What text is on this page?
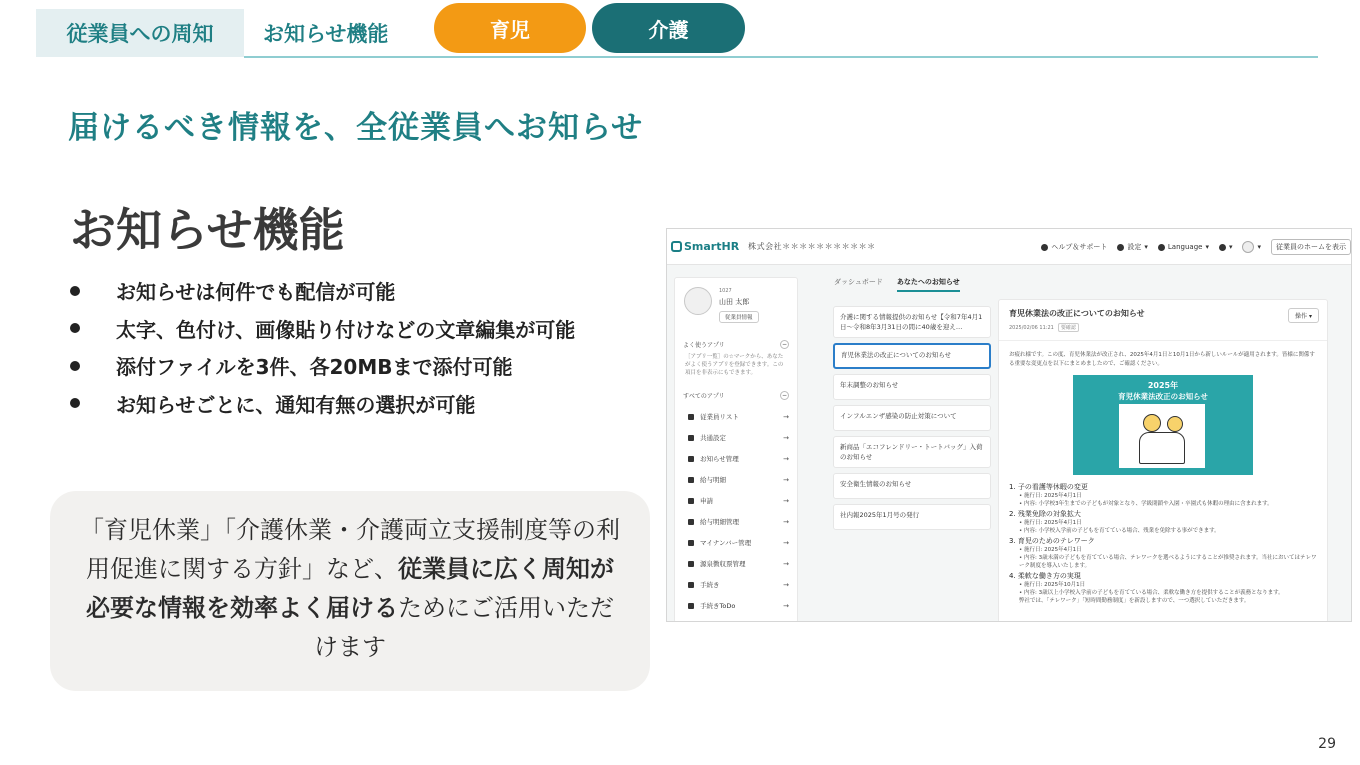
従業員への周知	お知らせ機能	育児	介護
届けるべき情報を、全従業員へお知らせ
お知らせ機能
お知らせは何件でも配信が可能
太字、色付け、画像貼り付けなどの文章編集が可能
添付ファイルを3件、各20MBまで添付可能
お知らせごとに、通知有無の選択が可能
「育児休業」「介護休業・介護両立支援制度等の利用促進に関する方針」など、従業員に広く周知が必要な情報を効率よく届けるためにご活用いただけます
29
SmartHR 株式会社＊＊＊＊＊＊＊＊＊＊＊	ヘルプ＆サポート	設定 ▾	Language ▾	▾	▾ 従業員のホームを表示
1027
山田 太郎
従業員情報
よく使うアプリ	−
［アプリ一覧］の☆マークから、あなたがよく使うアプリを登録できます。この項目を非表示にもできます。
すべてのアプリ	−
従業員リスト	→
共通設定	→
お知らせ管理	→
給与明細	→
申請	→
給与明細管理	→
マイナンバー管理	→
源泉徴収票管理	→
手続き	→
手続きToDo	→
ダッシュボード あなたへのお知らせ
介護に関する情報提供のお知らせ【令和7年4月1日〜令和8年3月31日の間に40歳を迎え…
育児休業法の改正についてのお知らせ
年末調整のお知らせ
インフルエンザ感染の防止対策について
新商品「エコフレンドリー・トートバッグ」入荷のお知らせ
安全衛生情報のお知らせ
社内報2025年1月号の発行
育児休業法の改正についてのお知らせ
2025/02/06 11:21	要確認
操作 ▾
お疲れ様です。この度、育児休業法が改正され、2025年4月1日と10月1日から新しいルールが適用されます。皆様に関係する重要な変更点を以下にまとめましたので、ご確認ください。
2025年
育児休業法改正のお知らせ
1. 子の看護等休暇の変更
• 施行日: 2025年4月1日
• 内容: 小学校3年生までの子どもが対象となり、学級閉鎖や入園・卒園式も休暇の理由に含まれます。
2. 残業免除の対象拡大
• 施行日: 2025年4月1日
• 内容: 小学校入学前の子どもを育てている場合、残業を免除する事ができます。
3. 育児のためのテレワーク
• 施行日: 2025年4月1日
• 内容: 3歳未満の子どもを育てている場合、テレワークを選べるようにすることが推奨されます。当社においてはテレワーク制度を導入いたします。
4. 柔軟な働き方の実現
• 施行日: 2025年10月1日
• 内容: 3歳以上小学校入学前の子どもを育てている場合、柔軟な働き方を提供することが義務となります。
弊社では、「テレワーク」「短時間勤務制度」を新設しますので、一つ選択していただきます。
